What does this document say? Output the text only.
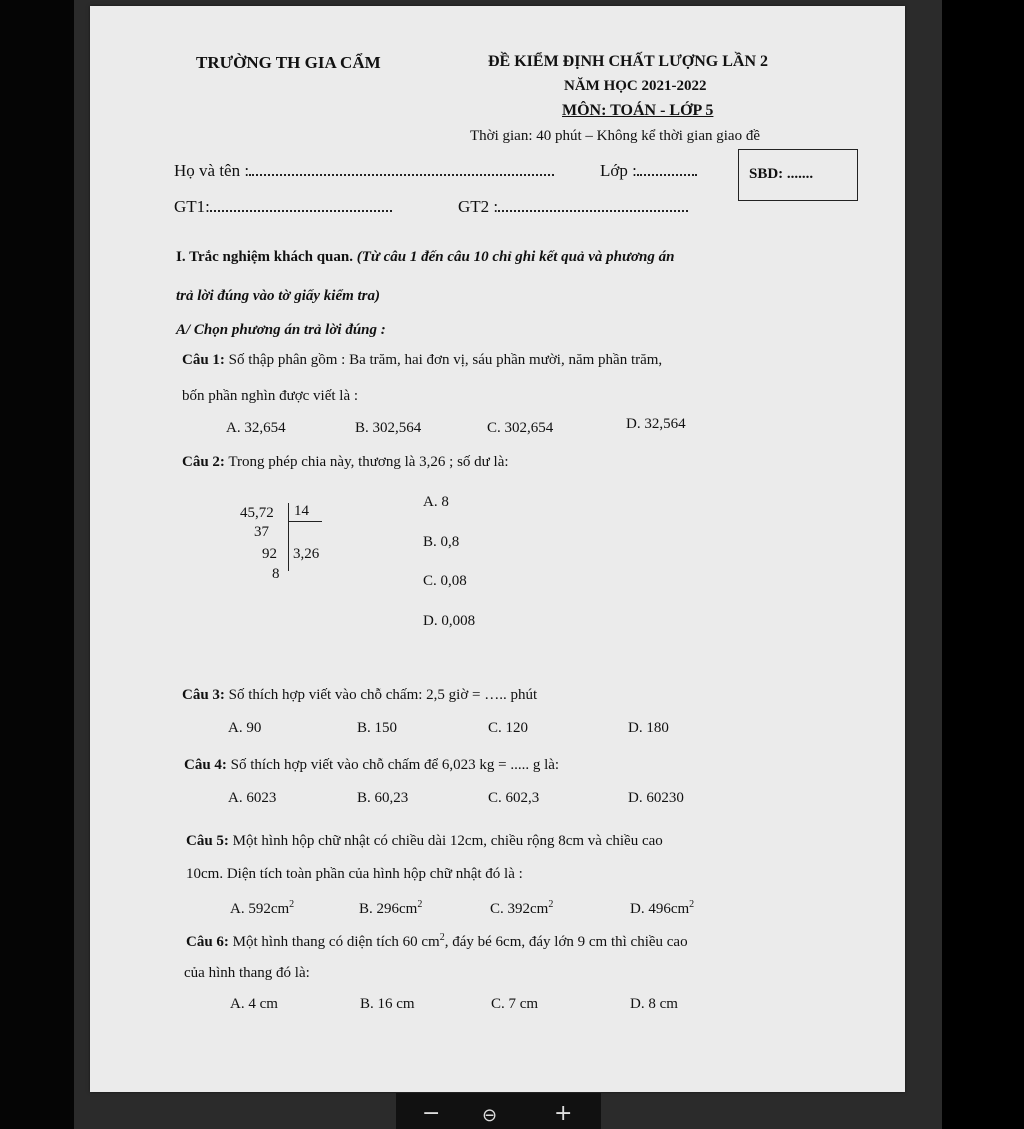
TRƯỜNG TH GIA CẨM	ĐỀ KIỂM ĐỊNH CHẤT LƯỢNG LẦN 2
NĂM HỌC 2021-2022
MÔN: TOÁN - LỚP 5
Thời gian: 40 phút – Không kể thời gian giao đề
Họ và tên :	Lớp :	SBD: .......
GT1:	GT2 :
I. Trắc nghiệm khách quan. (Từ câu 1 đến câu 10 chỉ ghi kết quả và phương án
trả lời đúng vào tờ giấy kiểm tra)
A/ Chọn phương án trả lời đúng :
Câu 1: Số thập phân gồm : Ba trăm, hai đơn vị, sáu phần mười, năm phần trăm,
bốn phần nghìn được viết là :
A. 32,654	B. 302,564	C. 302,654	D. 32,564
Câu 2: Trong phép chia này, thương là 3,26 ; số dư là:
45,72 14
37
92 3,26
8
A. 8
B. 0,8
C. 0,08
D. 0,008
Câu 3: Số thích hợp viết vào chỗ chấm: 2,5 giờ = ….. phút
A. 90	B. 150	C. 120	D. 180
Câu 4: Số thích hợp viết vào chỗ chấm để 6,023 kg = ..... g là:
A. 6023	B. 60,23	C. 602,3	D. 60230
Câu 5: Một hình hộp chữ nhật có chiều dài 12cm, chiều rộng 8cm và chiều cao
10cm. Diện tích toàn phần của hình hộp chữ nhật đó là :
A. $592cm^2$	B. $296cm^2$	C. $392cm^2$	D. $496cm^2$
Câu 6: Một hình thang có diện tích 60 $cm^2$, đáy bé 6cm, đáy lớn 9 cm thì chiều cao
của hình thang đó là:
A. 4 cm	B. 16 cm	C. 7 cm	D. 8 cm
− ⊖	+
